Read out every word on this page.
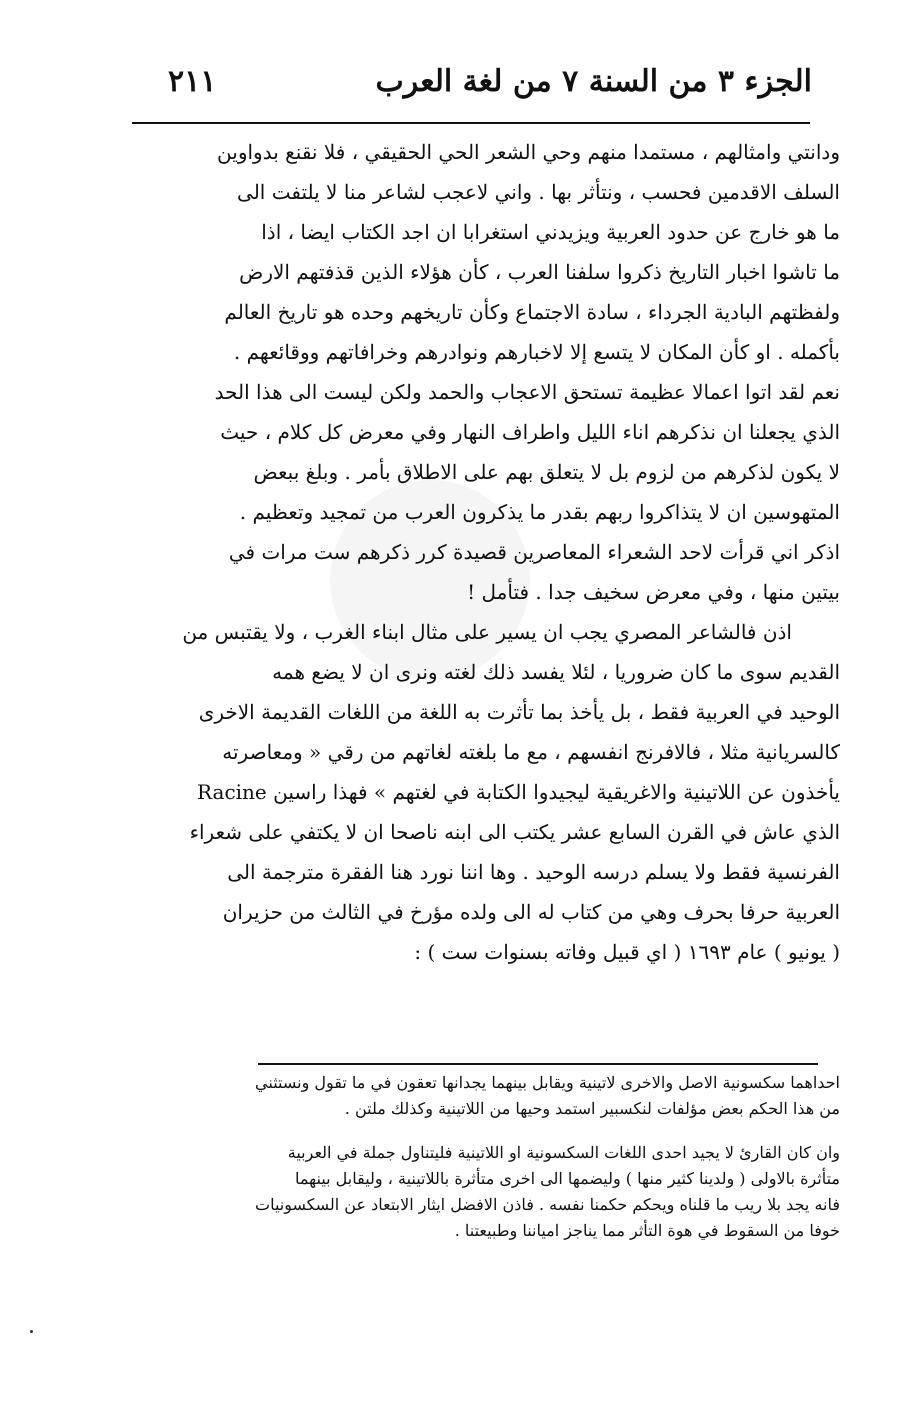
٢١١	الجزء ٣ من السنة ٧ من لغة العرب
ودانتي وامثالهم ، مستمدا منهم وحي الشعر الحي الحقيقي ، فلا نقنع بدواوين
السلف الاقدمين فحسب ، ونتأثر بها . واني لاعجب لشاعر منا لا يلتفت الى
ما هو خارج عن حدود العربية ويزيدني استغرابا ان اجد الكتاب ايضا ، اذا
ما تاشوا اخبار التاريخ ذكروا سلفنا العرب ، كأن هؤلاء الذين قذفتهم الارض
ولفظتهم البادية الجرداء ، سادة الاجتماع وكأن تاريخهم وحده هو تاريخ العالم
بأكمله . او كأن المكان لا يتسع إلا لاخبارهم ونوادرهم وخرافاتهم ووقائعهم .
نعم لقد اتوا اعمالا عظيمة تستحق الاعجاب والحمد ولكن ليست الى هذا الحد
الذي يجعلنا ان نذكرهم اناء الليل واطراف النهار وفي معرض كل كلام ، حيث
لا يكون لذكرهم من لزوم بل لا يتعلق بهم على الاطلاق بأمر . وبلغ ببعض
المتهوسين ان لا يتذاكروا ربهم بقدر ما يذكرون العرب من تمجيد وتعظيم .
اذكر اني قرأت لاحد الشعراء المعاصرين قصيدة كرر ذكرهم ست مرات في
بيتين منها ، وفي معرض سخيف جدا . فتأمل !
اذن فالشاعر المصري يجب ان يسير على مثال ابناء الغرب ، ولا يقتبس من
القديم سوى ما كان ضروريا ، لئلا يفسد ذلك لغته ونرى ان لا يضع همه
الوحيد في العربية فقط ، بل يأخذ بما تأثرت به اللغة من اللغات القديمة الاخرى
كالسريانية مثلا ، فالافرنج انفسهم ، مع ما بلغته لغاتهم من رقي « ومعاصرته
يأخذون عن اللاتينية والاغريقية ليجيدوا الكتابة في لغتهم » فهذا راسين Racine
الذي عاش في القرن السابع عشر يكتب الى ابنه ناصحا ان لا يكتفي على شعراء
الفرنسية فقط ولا يسلم درسه الوحيد . وها اننا نورد هنا الفقرة مترجمة الى
العربية حرفا بحرف وهي من كتاب له الى ولده مؤرخ في الثالث من حزيران
( يونيو ) عام ١٦٩٣ ( اي قبيل وفاته بسنوات ست ) :
احداهما سكسونية الاصل والاخرى لاتينية ويقابل بينهما يجدانها تعقون في ما تقول ونستثني
من هذا الحكم بعض مؤلفات لنكسبير استمد وحيها من اللاتينية وكذلك ملتن .
وان كان القارئ لا يجيد احدى اللغات السكسونية او اللاتينية فليتناول جملة في العربية
متأثرة بالاولى ( ولدينا كثير منها ) وليضمها الى اخرى متأثرة باللاتينية ، وليقابل بينهما
فانه يجد بلا ريب ما قلناه ويحكم حكمنا نفسه . فاذن الافضل ايثار الابتعاد عن السكسونيات
خوفا من السقوط في هوة التأثر مما يناجز امياننا وطبيعتنا .
